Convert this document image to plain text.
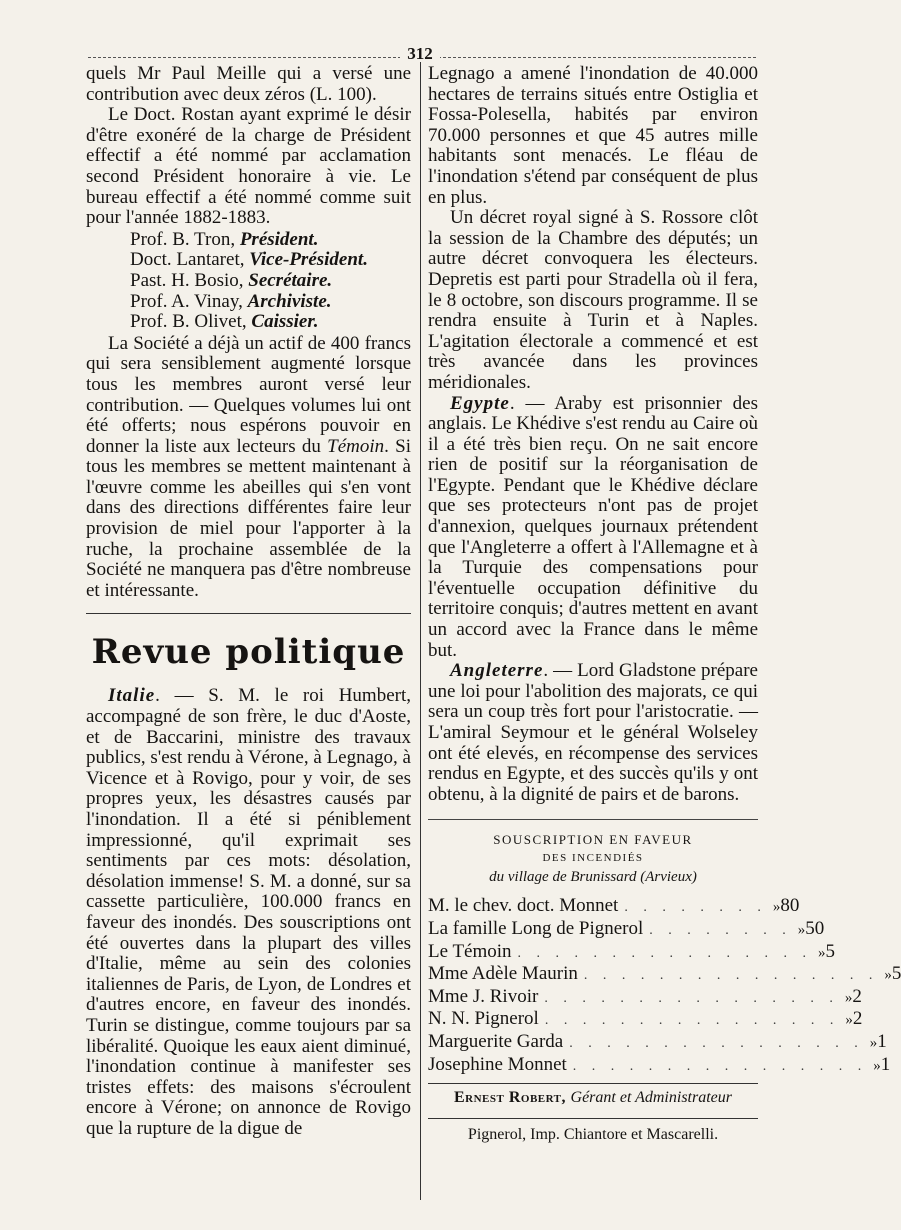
312

quels Mr Paul Meille qui a versé une contribution avec deux zéros (L. 100).

Le Doct. Rostan ayant exprimé le désir d'être exonéré de la charge de Président effectif a été nommé par acclamation second Président honoraire à vie. Le bureau effectif a été nommé comme suit pour l'année 1882-1883.

Prof. B. Tron, Président.
Doct. Lantaret, Vice-Président.
Past. H. Bosio, Secrétaire.
Prof. A. Vinay, Archiviste.
Prof. B. Olivet, Caissier.

La Société a déjà un actif de 400 francs qui sera sensiblement augmenté lorsque tous les membres auront versé leur contribution. — Quelques volumes lui ont été offerts; nous espérons pouvoir en donner la liste aux lecteurs du Témoin. Si tous les membres se mettent maintenant à l'œuvre comme les abeilles qui s'en vont dans des directions différentes faire leur provision de miel pour l'apporter à la ruche, la prochaine assemblée de la Société ne manquera pas d'être nombreuse et intéressante.

Revue politique

Italie. — S. M. le roi Humbert, accompagné de son frère, le duc d'Aoste, et de Baccarini, ministre des travaux publics, s'est rendu à Vérone, à Legnago, à Vicence et à Rovigo, pour y voir, de ses propres yeux, les désastres causés par l'inondation. Il a été si péniblement impressionné, qu'il exprimait ses sentiments par ces mots: désolation, désolation immense! S. M. a donné, sur sa cassette particulière, 100.000 francs en faveur des inondés. Des souscriptions ont été ouvertes dans la plupart des villes d'Italie, même au sein des colonies italiennes de Paris, de Lyon, de Londres et d'autres encore, en faveur des inondés. Turin se distingue, comme toujours par sa libéralité. Quoique les eaux aient diminué, l'inondation continue à manifester ses tristes effets: des maisons s'écroulent encore à Vérone; on annonce de Rovigo que la rupture de la digue de

Legnago a amené l'inondation de 40.000 hectares de terrains situés entre Ostiglia et Fossa-Polesella, habités par environ 70.000 personnes et que 45 autres mille habitants sont menacés. Le fléau de l'inondation s'étend par conséquent de plus en plus.

Un décret royal signé à S. Rossore clôt la session de la Chambre des députés; un autre décret convoquera les électeurs. Depretis est parti pour Stradella où il fera, le 8 octobre, son discours programme. Il se rendra ensuite à Turin et à Naples. L'agitation électorale a commencé et est très avancée dans les provinces méridionales.

Egypte. — Araby est prisonnier des anglais. Le Khédive s'est rendu au Caire où il a été très bien reçu. On ne sait encore rien de positif sur la réorganisation de l'Egypte. Pendant que le Khédive déclare que ses protecteurs n'ont pas de projet d'annexion, quelques journaux prétendent que l'Angleterre a offert à l'Allemagne et à la Turquie des compensations pour l'éventuelle occupation définitive du territoire conquis; d'autres mettent en avant un accord avec la France dans le même but.

Angleterre. — Lord Gladstone prépare une loi pour l'abolition des majorats, ce qui sera un coup très fort pour l'aristocratie. — L'amiral Seymour et le général Wolseley ont été elevés, en récompense des services rendus en Egypte, et des succès qu'ils y ont obtenu, à la dignité de pairs et de barons.

SOUSCRIPTION EN FAVEUR
DES INCENDIÉS
du village de Brunissard (Arvieux)
M. le chev. doct. Monnet . . . . . . . . » 80
La famille Long de Pignerol . . . . . . . . » 50
Le Témoin . . . . . . . . . . . . . . . . » 5
Mme Adèle Maurin . . . . . . . . . . . . . . . . » 5
Mme J. Rivoir . . . . . . . . . . . . . . . . » 2
N. N. Pignerol . . . . . . . . . . . . . . . . » 2
Marguerite Garda . . . . . . . . . . . . . . . . » 1
Josephine Monnet . . . . . . . . . . . . . . . . » 1
Ernest Robert, Gérant et Administrateur
Pignerol, Imp. Chiantore et Mascarelli.
